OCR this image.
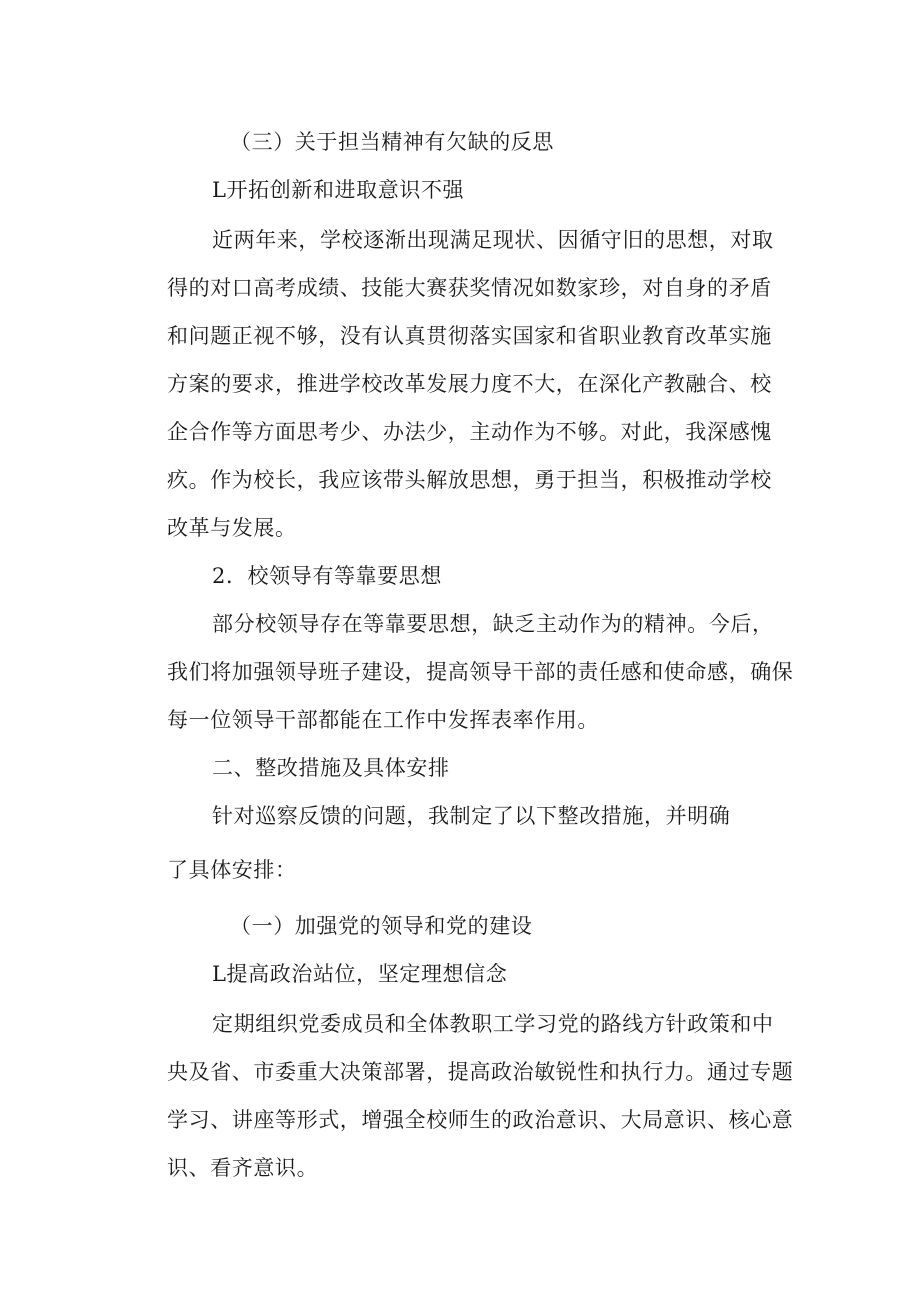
（三）关于担当精神有欠缺的反思
L开拓创新和进取意识不强
近两年来，学校逐渐出现满足现状、因循守旧的思想，对取
得的对口高考成绩、技能大赛获奖情况如数家珍，对自身的矛盾
和问题正视不够，没有认真贯彻落实国家和省职业教育改革实施
方案的要求，推进学校改革发展力度不大，在深化产教融合、校
企合作等方面思考少、办法少，主动作为不够。对此，我深感愧
疚。作为校长，我应该带头解放思想，勇于担当，积极推动学校
改革与发展。
2．校领导有等靠要思想
部分校领导存在等靠要思想，缺乏主动作为的精神。今后，
我们将加强领导班子建设，提高领导干部的责任感和使命感，确保
每一位领导干部都能在工作中发挥表率作用。
二、整改措施及具体安排
针对巡察反馈的问题，我制定了以下整改措施，并明确
了具体安排：
（一）加强党的领导和党的建设
L提高政治站位，坚定理想信念
定期组织党委成员和全体教职工学习党的路线方针政策和中
央及省、市委重大决策部署，提高政治敏锐性和执行力。通过专题
学习、讲座等形式，增强全校师生的政治意识、大局意识、核心意
识、看齐意识。
